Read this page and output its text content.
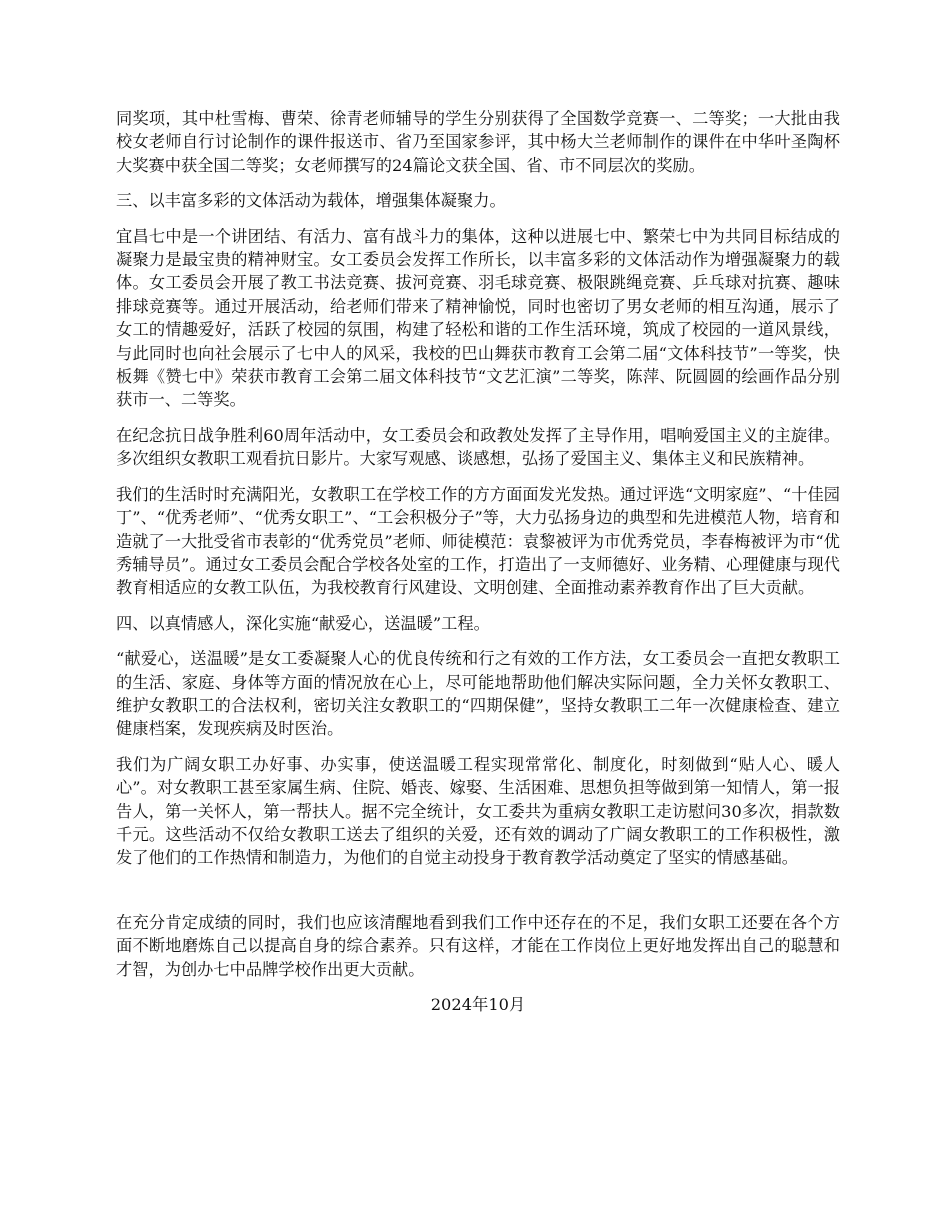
同奖项，其中杜雪梅、曹荣、徐青老师辅导的学生分别获得了全国数学竞赛一、二等奖；一大批由我校女老师自行讨论制作的课件报送市、省乃至国家参评，其中杨大兰老师制作的课件在中华叶圣陶杯大奖赛中获全国二等奖；女老师撰写的24篇论文获全国、省、市不同层次的奖励。

三、以丰富多彩的文体活动为载体，增强集体凝聚力。

宜昌七中是一个讲团结、有活力、富有战斗力的集体，这种以进展七中、繁荣七中为共同目标结成的凝聚力是最宝贵的精神财宝。女工委员会发挥工作所长，以丰富多彩的文体活动作为增强凝聚力的载体。女工委员会开展了教工书法竞赛、拔河竞赛、羽毛球竞赛、极限跳绳竞赛、乒乓球对抗赛、趣味排球竞赛等。通过开展活动，给老师们带来了精神愉悦，同时也密切了男女老师的相互沟通，展示了女工的情趣爱好，活跃了校园的氛围，构建了轻松和谐的工作生活环境，筑成了校园的一道风景线，与此同时也向社会展示了七中人的风采，我校的巴山舞获市教育工会第二届“文体科技节”一等奖，快板舞《赞七中》荣获市教育工会第二届文体科技节“文艺汇演”二等奖，陈萍、阮圆圆的绘画作品分别获市一、二等奖。

在纪念抗日战争胜利60周年活动中，女工委员会和政教处发挥了主导作用，唱响爱国主义的主旋律。多次组织女教职工观看抗日影片。大家写观感、谈感想，弘扬了爱国主义、集体主义和民族精神。

我们的生活时时充满阳光，女教职工在学校工作的方方面面发光发热。通过评选“文明家庭”、“十佳园丁”、“优秀老师”、“优秀女职工”、“工会积极分子”等，大力弘扬身边的典型和先进模范人物，培育和造就了一大批受省市表彰的“优秀党员”老师、师徒模范：袁黎被评为市优秀党员，李春梅被评为市“优秀辅导员”。通过女工委员会配合学校各处室的工作，打造出了一支师德好、业务精、心理健康与现代教育相适应的女教工队伍，为我校教育行风建设、文明创建、全面推动素养教育作出了巨大贡献。

四、以真情感人，深化实施“献爱心，送温暖”工程。

“献爱心，送温暖”是女工委凝聚人心的优良传统和行之有效的工作方法，女工委员会一直把女教职工的生活、家庭、身体等方面的情况放在心上，尽可能地帮助他们解决实际问题，全力关怀女教职工、维护女教职工的合法权利，密切关注女教职工的“四期保健”，坚持女教职工二年一次健康检查、建立健康档案，发现疾病及时医治。

我们为广阔女职工办好事、办实事，使送温暖工程实现常常化、制度化，时刻做到“贴人心、暖人心”。对女教职工甚至家属生病、住院、婚丧、嫁娶、生活困难、思想负担等做到第一知情人，第一报告人，第一关怀人，第一帮扶人。据不完全统计，女工委共为重病女教职工走访慰问30多次，捐款数千元。这些活动不仅给女教职工送去了组织的关爱，还有效的调动了广阔女教职工的工作积极性，激发了他们的工作热情和制造力，为他们的自觉主动投身于教育教学活动奠定了坚实的情感基础。

在充分肯定成绩的同时，我们也应该清醒地看到我们工作中还存在的不足，我们女职工还要在各个方面不断地磨炼自己以提高自身的综合素养。只有这样，才能在工作岗位上更好地发挥出自己的聪慧和才智，为创办七中品牌学校作出更大贡献。

2024年10月
